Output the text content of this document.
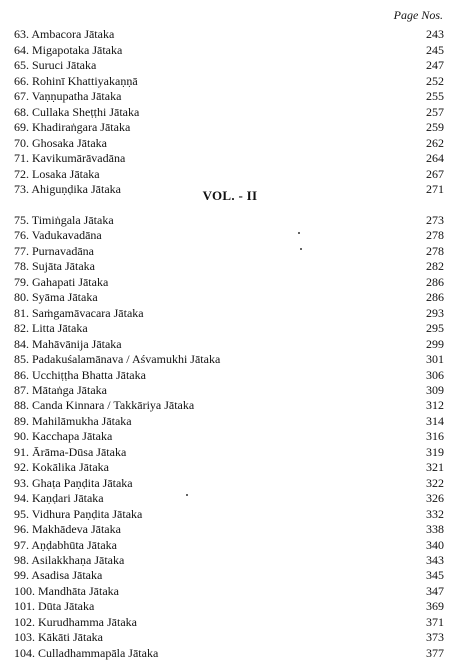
Page Nos.
63. Ambacora Jātaka	243
64. Migapotaka Jātaka	245
65. Suruci Jātaka	247
66. Rohinī Khattiyakaṇṇā	252
67. Vaṇṇupatha Jātaka	255
68. Cullaka Sheṭṭhi Jātaka	257
69. Khadiraṅgara Jātaka	259
70. Ghosaka Jātaka	262
71. Kavikumārāvadāna	264
72. Losaka Jātaka	267
73. Ahiguṇḍika Jātaka	271
VOL. - II
75. Timiṅgala Jātaka	273
76. Vadukavadāna	278
77. Purnavadāna	278
78. Sujāta Jātaka	282
79. Gahapati Jātaka	286
80. Syāma Jātaka	286
81. Saṁgamāvacara Jātaka	293
82. Litta Jātaka	295
84. Mahāvānija Jātaka	299
85. Padakuśalamānava / Aśvamukhi Jātaka	301
86. Ucchiṭṭha Bhatta Jātaka	306
87. Mātaṅga Jātaka	309
88. Canda Kinnara / Takkāriya Jātaka	312
89. Mahilāmukha Jātaka	314
90. Kacchapa Jātaka	316
91. Ārāma-Dūsa Jātaka	319
92. Kokālika Jātaka	321
93. Ghaṭa Paṇḍita Jātaka	322
94. Kaṇḍari Jātaka	326
95. Vidhura Paṇḍita Jātaka	332
96. Makhādeva Jātaka	338
97. Aṇḍabhūta Jātaka	340
98. Asilakkhaṇa Jātaka	343
99. Asadisa Jātaka	345
100. Mandhāta Jātaka	347
101. Dūta Jātaka	369
102. Kurudhamma Jātaka	371
103. Kākāti Jātaka	373
104. Culladhammapāla Jātaka	377
